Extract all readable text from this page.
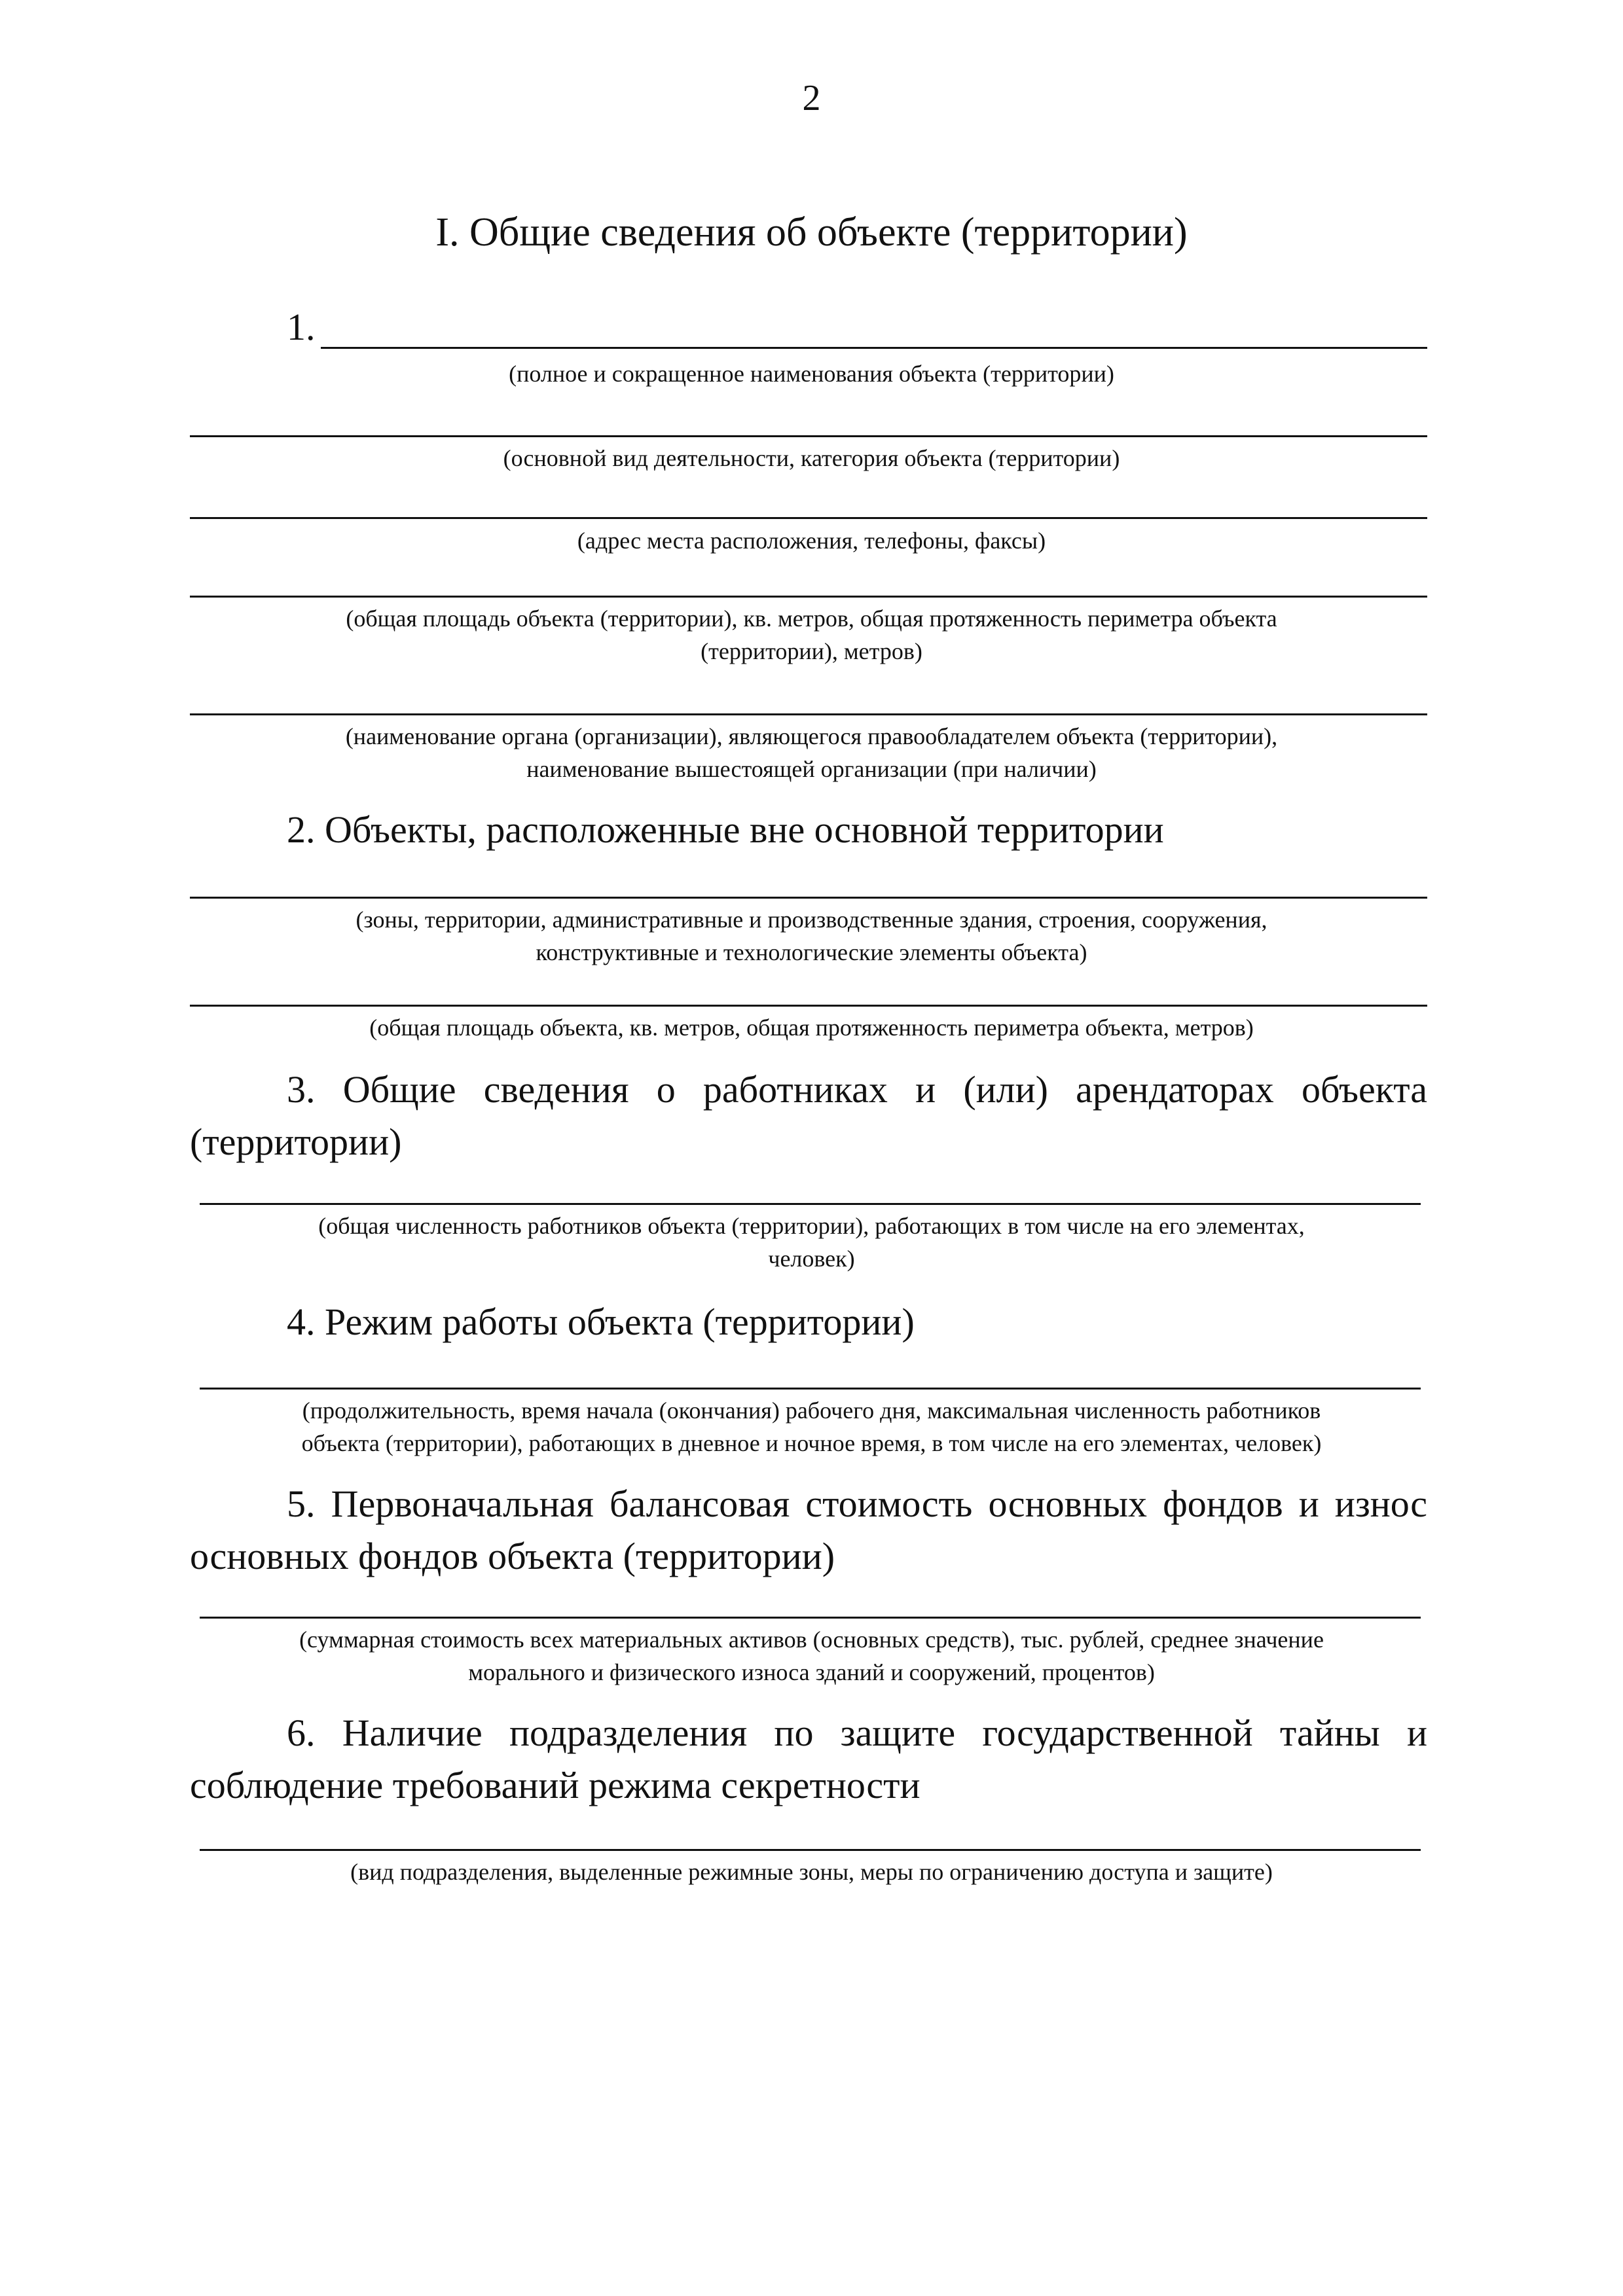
2
I. Общие сведения об объекте (территории)
1.
(полное и сокращенное наименования объекта (территории)
(основной вид деятельности, категория объекта (территории)
(адрес места расположения, телефоны, факсы)
(общая площадь объекта (территории), кв. метров, общая протяженность периметра объекта
(территории), метров)
(наименование органа (организации), являющегося правообладателем объекта (территории),
наименование вышестоящей организации (при наличии)
2. Объекты, расположенные вне основной территории
(зоны, территории, административные и производственные здания, строения, сооружения,
конструктивные и технологические элементы объекта)
(общая площадь объекта, кв. метров, общая протяженность периметра объекта, метров)
3. Общие сведения о работниках и (или) арендаторах объекта
(территории)
(общая численность работников объекта (территории), работающих в том числе на его элементах,
человек)
4. Режим работы объекта (территории)
(продолжительность, время начала (окончания) рабочего дня, максимальная численность работников
объекта (территории), работающих в дневное и ночное время, в том числе на его элементах, человек)
5. Первоначальная балансовая стоимость основных фондов и износ
основных фондов объекта (территории)
(суммарная стоимость всех материальных активов (основных средств), тыс. рублей, среднее значение
морального и физического износа зданий и сооружений, процентов)
6. Наличие подразделения по защите государственной тайны и
соблюдение требований режима секретности
(вид подразделения, выделенные режимные зоны, меры по ограничению доступа и защите)
